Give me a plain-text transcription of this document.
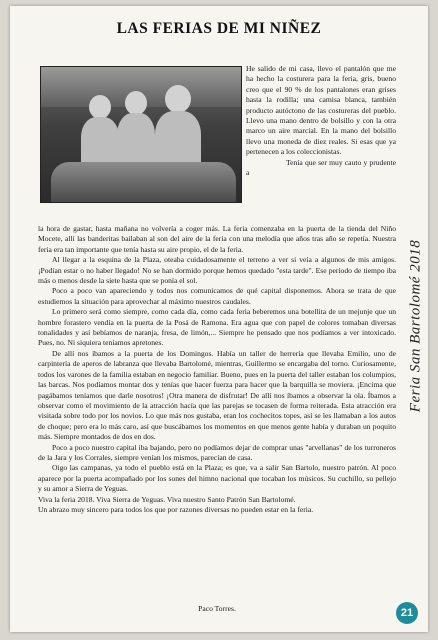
LAS FERIAS DE MI NIÑEZ

He salido de mi casa, llevo el pantalón que me ha hecho la costurera para la feria, gris, bueno creo que el 90 % de los pantalones eran grises hasta la rodilla; una camisa blanca, también producto autóctono de las costureras del pueblo. Llevo una mano dentro de bolsillo y con la otra marco un aire marcial. En la mano del bolsillo llevo una moneda de diez reales. Si esas que ya pertenecen a los coleccionistas.

Tenía que ser muy cauto y prudente a

la hora de gastar, hasta mañana no volvería a coger más. La feria comenzaba en la puerta de la tienda del Niño Mocete, allí las banderitas bailaban al son del aire de la feria con una melodía que años tras año se repetía. Nuestra feria era tan importante que tenía hasta su aire propio, el de la feria.

Al llegar a la esquina de la Plaza, oteaba cuidadosamente el terreno a ver si veía a algunos de mis amigos. ¡Podían estar o no haber llegado! No se han dormido porque hemos quedado "esta tarde". Ese período de tiempo iba más o menos desde la siete hasta que se ponía el sol.

Poco a poco van apareciendo y todos nos comunicamos de qué capital disponemos. Ahora se trata de que estudiemos la situación para aprovechar al máximo nuestros caudales.

Lo primero será como siempre, como cada día, como cada feria beberemos una botellita de un mejunje que un hombre forastero vendía en la puerta de la Posá de Ramona. Era agua que con papel de colores tomaban diversas tonalidades y así bebíamos de naranja, fresa, de limón,... Siempre he pensado que nos podíamos a ver intoxicado. Pues, no. Ni siquiera teníamos apretones.

De allí nos íbamos a la puerta de los Domingos. Había un taller de herrería que llevaba Emilio, uno de carpintería de aperos de labranza que llevaba Bartolomé, mientras, Guillermo se encargaba del torno. Curiosamente, todos los varones de la familia estaban en negocio familiar. Bueno, pues en la puerta del taller estaban los columpios, las barcas. Nos podíamos montar dos y tenías que hacer fuerza para hacer que la barquilla se moviera. ¡Encima que pagábamos teníamos que darle nosotros! ¡Otra manera de disfrutar! De allí nos íbamos a observar la ola. Íbamos a observar como el movimiento de la atracción hacía que las parejas se tocasen de forma reiterada. Esta atracción era visitada sobre todo por los novios. Lo que más nos gustaba, eran los cochecitos topes, así se les llamaban a los autos de choque; pero era lo más caro, así que buscábamos los momentos en que menos gente había y duraban un poquito más. Siempre montados de dos en dos.

Poco a poco nuestro capital iba bajando, pero no podíamos dejar de comprar unas "arvellanas" de los turroneros de la Jara y los Corrales, siempre venían los mismos, parecían de casa.

Oigo las campanas, ya todo el pueblo está en la Plaza; es que, va a salir San Bartolo, nuestro patrón. Al poco aparece por la puerta acompañado por los sones del himno nacional que tocaban los músicos. Su cuchillo, su pellejo y su amor a Sierra de Yeguas.

Viva la feria 2018. Viva Sierra de Yeguas. Viva nuestro Santo Patrón San Bartolomé.

Un abrazo muy sincero para todos los que por razones diversas no pueden estar en la feria.

Paco Torres.
Feria San Bartolomé 2018
21
